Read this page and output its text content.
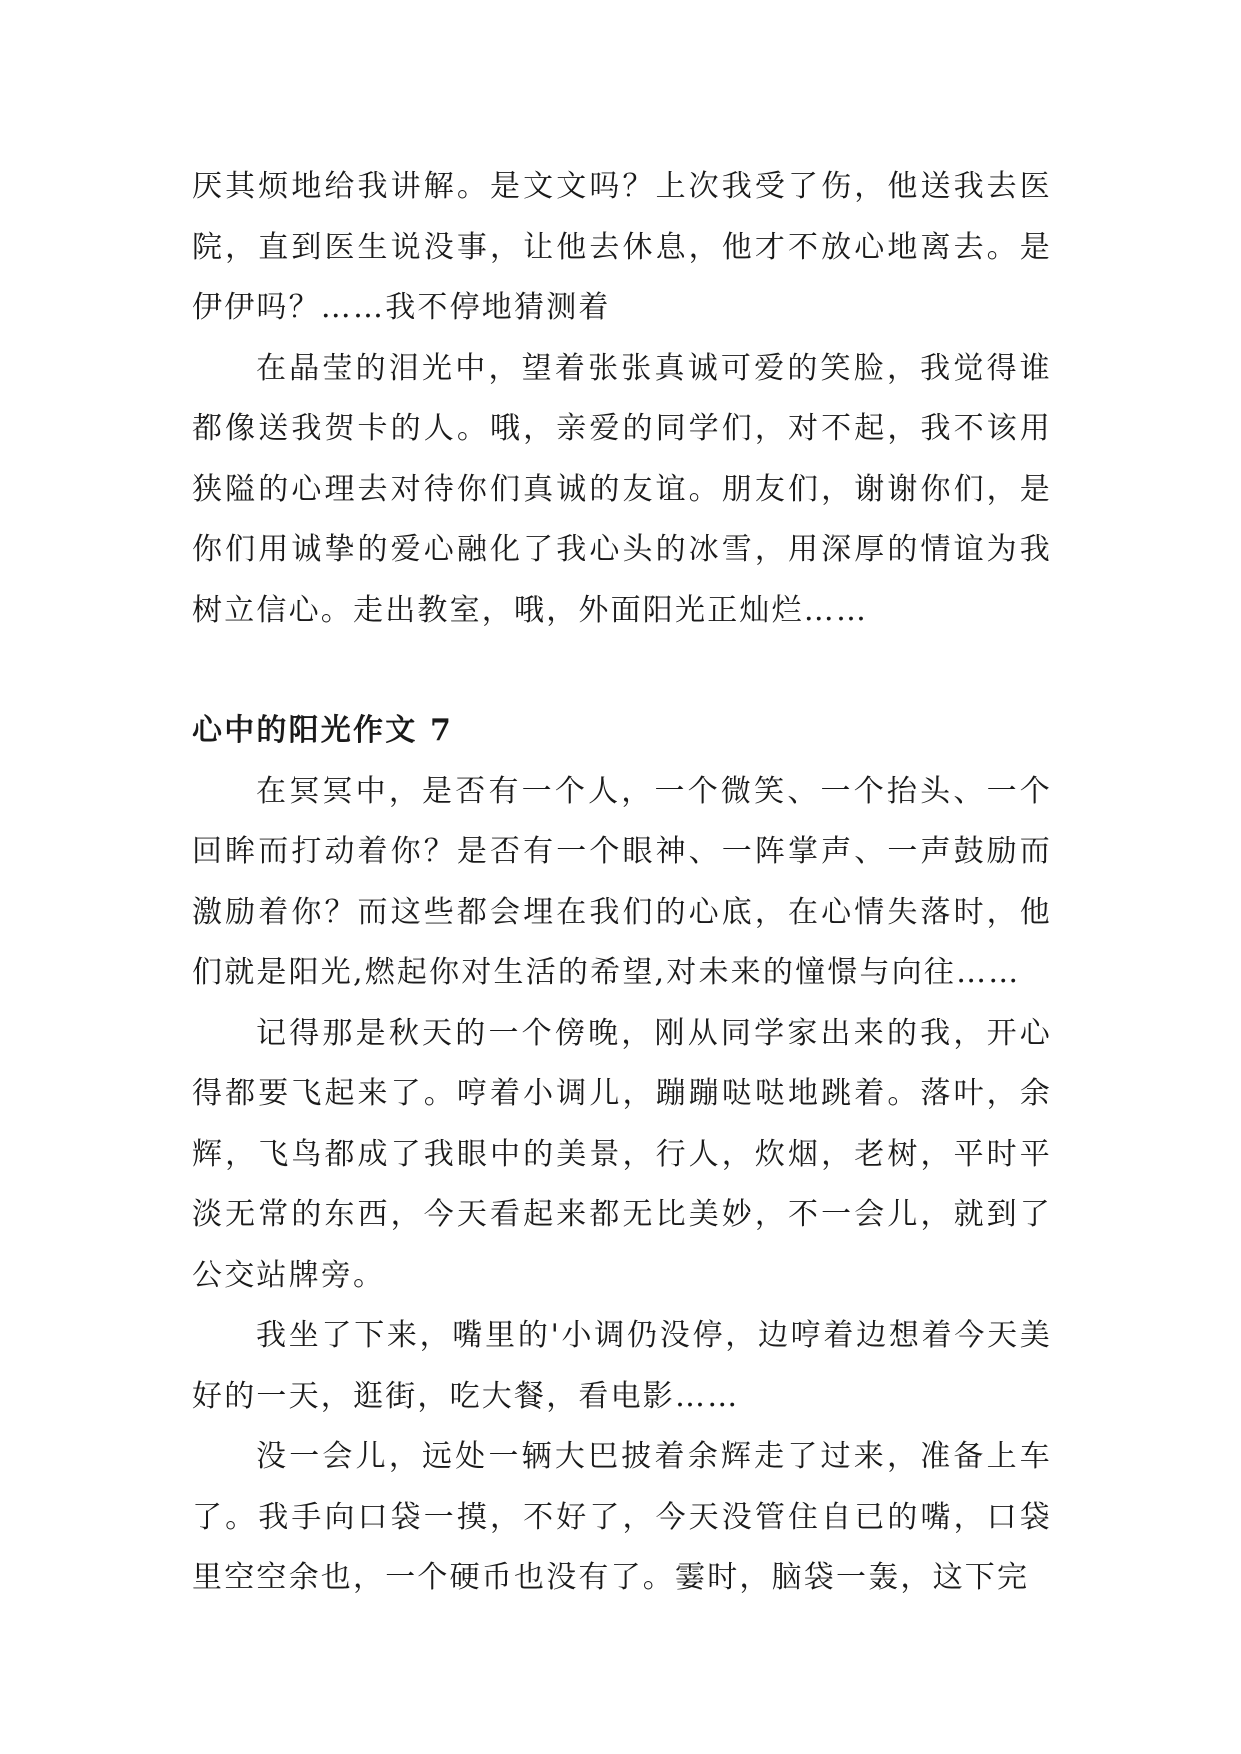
厌其烦地给我讲解。是文文吗？上次我受了伤，他送我去医院，直到医生说没事，让他去休息，他才不放心地离去。是伊伊吗？……我不停地猜测着

在晶莹的泪光中，望着张张真诚可爱的笑脸，我觉得谁都像送我贺卡的人。哦，亲爱的同学们，对不起，我不该用狭隘的心理去对待你们真诚的友谊。朋友们，谢谢你们，是你们用诚挚的爱心融化了我心头的冰雪，用深厚的情谊为我树立信心。走出教室，哦，外面阳光正灿烂……

心中的阳光作文 7

在冥冥中，是否有一个人，一个微笑、一个抬头、一个回眸而打动着你？是否有一个眼神、一阵掌声、一声鼓励而激励着你？而这些都会埋在我们的心底，在心情失落时，他们就是阳光,燃起你对生活的希望,对未来的憧憬与向往……

记得那是秋天的一个傍晚，刚从同学家出来的我，开心得都要飞起来了。哼着小调儿，蹦蹦哒哒地跳着。落叶，余辉，飞鸟都成了我眼中的美景，行人，炊烟，老树，平时平淡无常的东西，今天看起来都无比美妙，不一会儿，就到了公交站牌旁。

我坐了下来，嘴里的'小调仍没停，边哼着边想着今天美好的一天，逛街，吃大餐，看电影……

没一会儿，远处一辆大巴披着余辉走了过来，准备上车了。我手向口袋一摸，不好了，今天没管住自已的嘴，口袋里空空余也，一个硬币也没有了。霎时，脑袋一轰，这下完
